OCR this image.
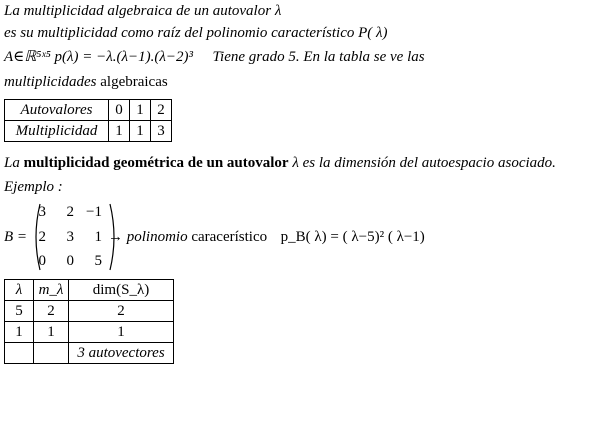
La multiplicidad algebraica de un autovalor λ
es su multiplicidad como raíz del polinomio característico P( λ)
A∈ℝ⁵ˣ⁵ p(λ) = −λ.(λ−1).(λ−2)³ Tiene grado 5. En la tabla se ve las
multiplicidades algebraicas
Autovalores	0	1	2
Multiplicidad	1	1	3
La multiplicidad geométrica de un autovalor λ es la dimensión del autoespacio asociado.
Ejemplo :
B =
3	2 −1
2	3	1
0	0	5
→ polinomio caracerístico p_B( λ) = ( λ−5)² ( λ−1)
λ	m_λ	dim(S_λ)
5	2	2
1	1	1
		3 autovectores
